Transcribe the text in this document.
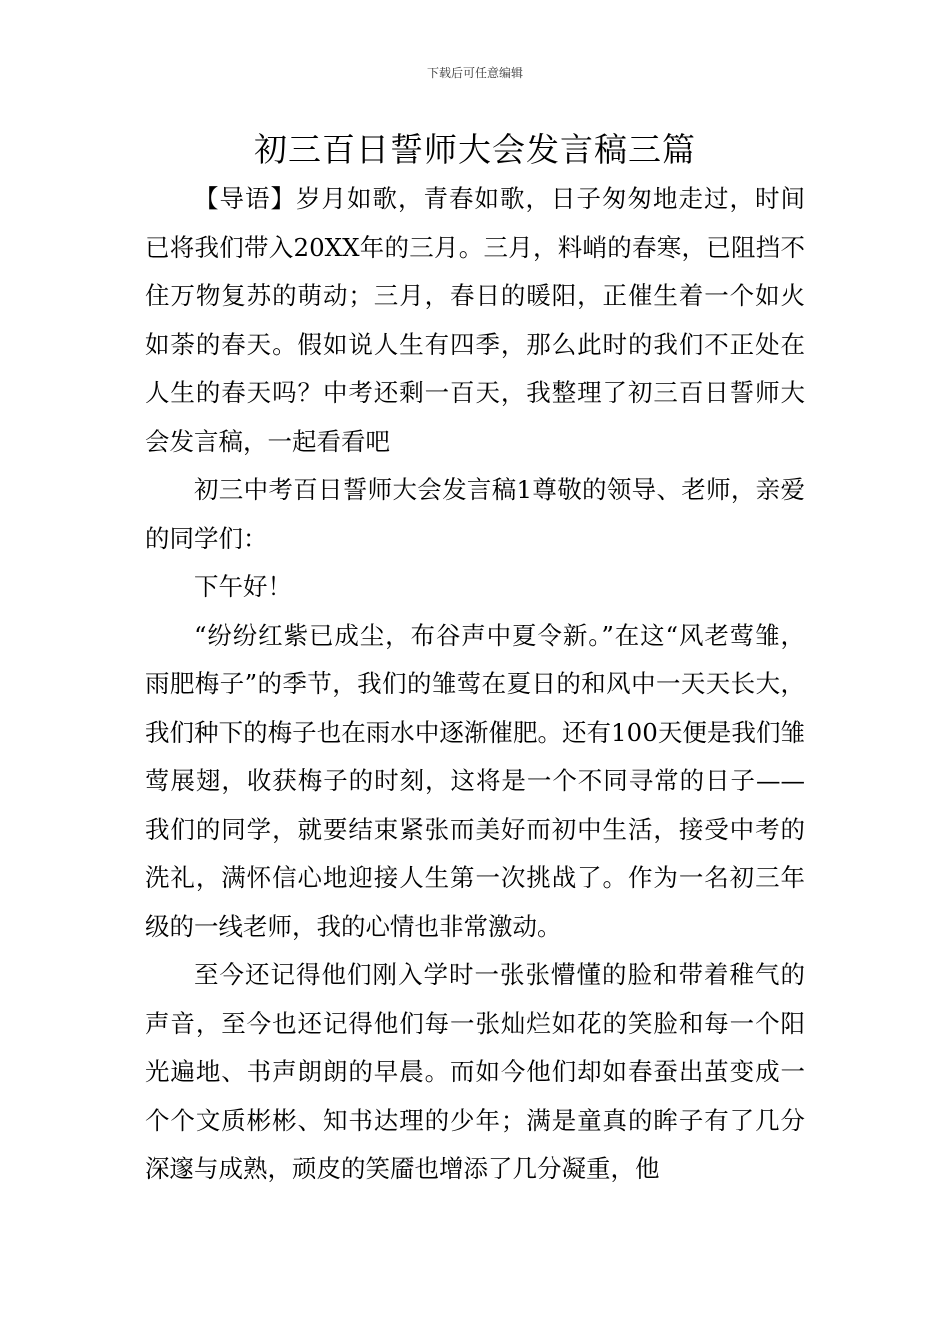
下载后可任意编辑
初三百日誓师大会发言稿三篇

【导语】岁月如歌，青春如歌，日子匆匆地走过，时间已将我们带入20XX年的三月。三月，料峭的春寒，已阻挡不住万物复苏的萌动；三月，春日的暖阳，正催生着一个如火如荼的春天。假如说人生有四季，那么此时的我们不正处在人生的春天吗？中考还剩一百天，我整理了初三百日誓师大会发言稿，一起看看吧

初三中考百日誓师大会发言稿1尊敬的领导、老师，亲爱的同学们：

下午好！

“纷纷红紫已成尘，布谷声中夏令新。”在这“风老莺雏，雨肥梅子”的季节，我们的雏莺在夏日的和风中一天天长大，我们种下的梅子也在雨水中逐渐催肥。还有100天便是我们雏莺展翅，收获梅子的时刻，这将是一个不同寻常的日子——我们的同学，就要结束紧张而美好而初中生活，接受中考的洗礼，满怀信心地迎接人生第一次挑战了。作为一名初三年级的一线老师，我的心情也非常激动。

至今还记得他们刚入学时一张张懵懂的脸和带着稚气的声音，至今也还记得他们每一张灿烂如花的笑脸和每一个阳光遍地、书声朗朗的早晨。而如今他们却如春蚕出茧变成一个个文质彬彬、知书达理的少年；满是童真的眸子有了几分深邃与成熟，顽皮的笑靥也增添了几分凝重，他
